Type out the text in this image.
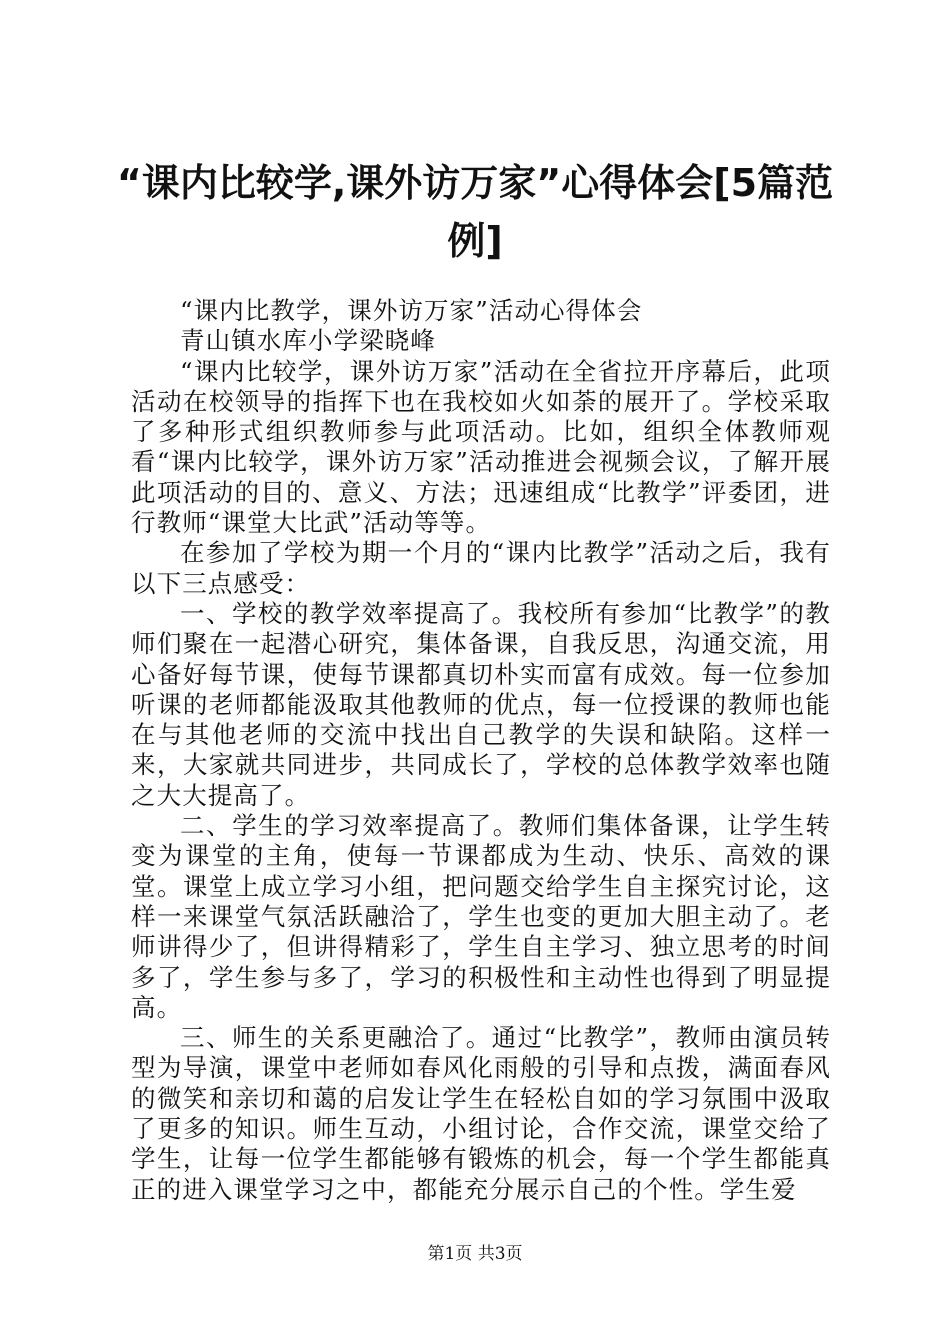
“课内比较学,课外访万家”心得体会[5篇范
例]

“课内比教学，课外访万家”活动心得体会

青山镇水库小学梁晓峰

“课内比较学，课外访万家”活动在全省拉开序幕后，此项活动在校领导的指挥下也在我校如火如荼的展开了。学校采取了多种形式组织教师参与此项活动。比如，组织全体教师观看“课内比较学，课外访万家”活动推进会视频会议，了解开展此项活动的目的、意义、方法；迅速组成“比教学”评委团，进行教师“课堂大比武”活动等等。

在参加了学校为期一个月的“课内比教学”活动之后，我有以下三点感受：

一、学校的教学效率提高了。我校所有参加“比教学”的教师们聚在一起潜心研究，集体备课，自我反思，沟通交流，用心备好每节课，使每节课都真切朴实而富有成效。每一位参加听课的老师都能汲取其他教师的优点，每一位授课的教师也能在与其他老师的交流中找出自己教学的失误和缺陷。这样一来，大家就共同进步，共同成长了，学校的总体教学效率也随之大大提高了。

二、学生的学习效率提高了。教师们集体备课，让学生转变为课堂的主角，使每一节课都成为生动、快乐、高效的课堂。课堂上成立学习小组，把问题交给学生自主探究讨论，这样一来课堂气氛活跃融洽了，学生也变的更加大胆主动了。老师讲得少了，但讲得精彩了，学生自主学习、独立思考的时间多了，学生参与多了，学习的积极性和主动性也得到了明显提高。

三、师生的关系更融洽了。通过“比教学”，教师由演员转型为导演，课堂中老师如春风化雨般的引导和点拨，满面春风的微笑和亲切和蔼的启发让学生在轻松自如的学习氛围中汲取了更多的知识。师生互动，小组讨论，合作交流，课堂交给了学生，让每一位学生都能够有锻炼的机会，每一个学生都能真正的进入课堂学习之中，都能充分展示自己的个性。学生爱

第1页 共3页
